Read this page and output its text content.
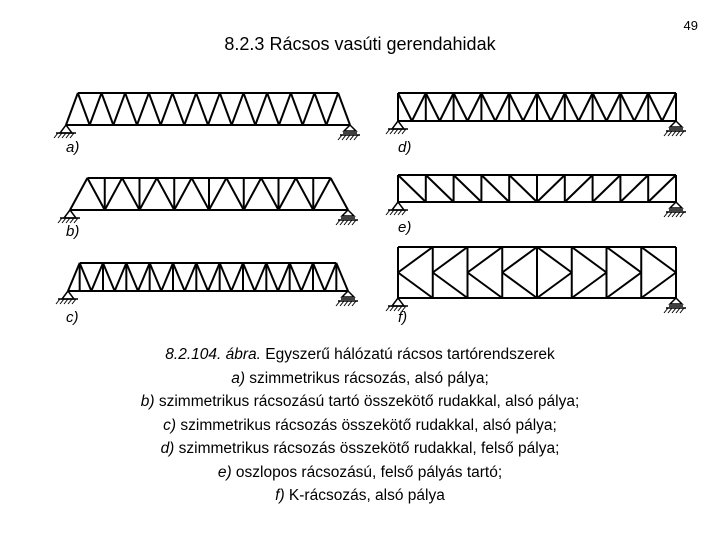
49
8.2.3 Rácsos vasúti gerendahidak
a)
b)
c)
d)
e)
f)
8.2.104. ábra. Egyszerű hálózatú rácsos tartórendszerek
a) szimmetrikus rácsozás, alsó pálya;
b) szimmetrikus rácsozású tartó összekötő rudakkal, alsó pálya;
c) szimmetrikus rácsozás összekötő rudakkal, alsó pálya;
d) szimmetrikus rácsozás összekötő rudakkal, felső pálya;
e) oszlopos rácsozású, felső pályás tartó;
f) K-rácsozás, alsó pálya
